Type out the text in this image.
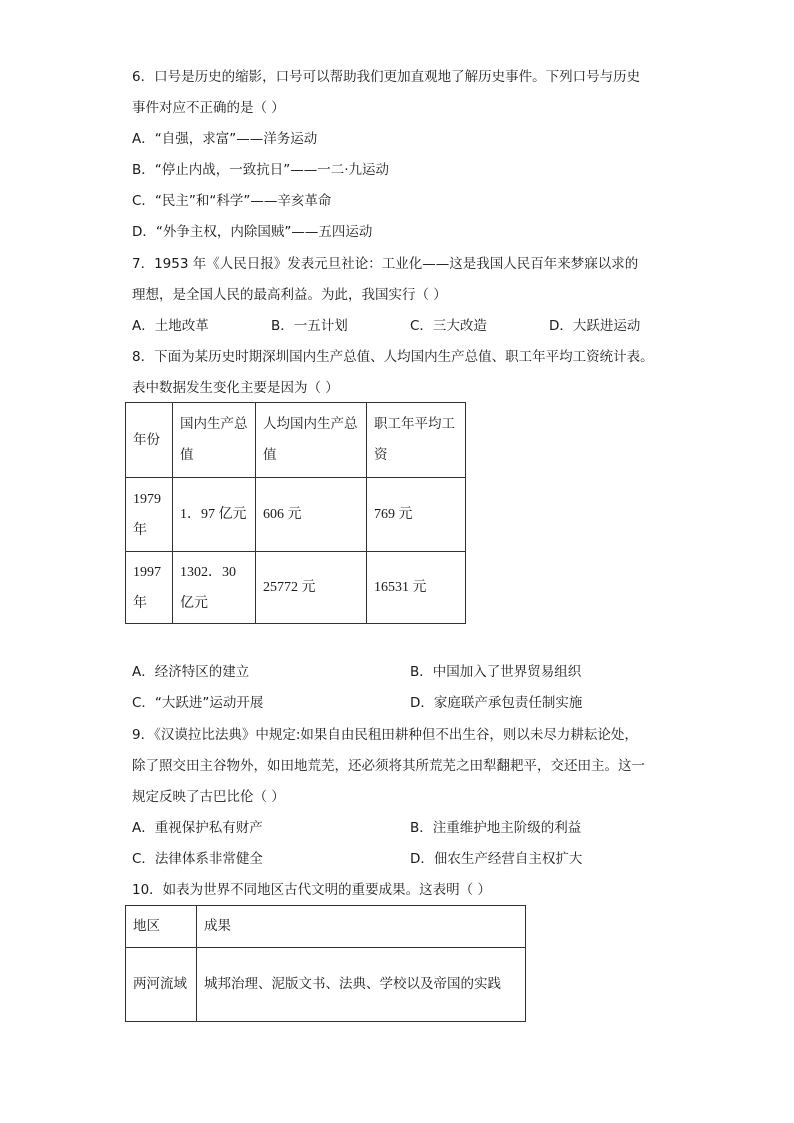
6．口号是历史的缩影，口号可以帮助我们更加直观地了解历史事件。下列口号与历史
事件对应不正确的是（ ）
A．“自强，求富”——洋务运动
B．“停止内战，一致抗日”——一二·九运动
C．“民主”和“科学”——辛亥革命
D．“外争主权，内除国贼”——五四运动
7．1953 年《人民日报》发表元旦社论：工业化——这是我国人民百年来梦寐以求的
理想，是全国人民的最高利益。为此，我国实行（ ）
A．土地改革	B．一五计划	C．三大改造	D．大跃进运动
8．下面为某历史时期深圳国内生产总值、人均国内生产总值、职工年平均工资统计表。
表中数据发生变化主要是因为（ ）
年份	国内生产总值	人均国内生产总值	职工年平均工资
1979年	1．97 亿元	606 元	769 元
1997年	1302．30 亿元	25772 元	16531 元
A．经济特区的建立	B．中国加入了世界贸易组织
C．“大跃进”运动开展	D．家庭联产承包责任制实施
9．《汉谟拉比法典》中规定:如果自由民租田耕种但不出生谷，则以未尽力耕耘论处，
除了照交田主谷物外，如田地荒芜，还必须将其所荒芜之田犁翻耙平，交还田主。这一
规定反映了古巴比伦（ ）
A．重视保护私有财产	B．注重维护地主阶级的利益
C．法律体系非常健全	D．佃农生产经营自主权扩大
10．如表为世界不同地区古代文明的重要成果。这表明（ ）
地区	成果
两河流域	城邦治理、泥版文书、法典、学校以及帝国的实践
